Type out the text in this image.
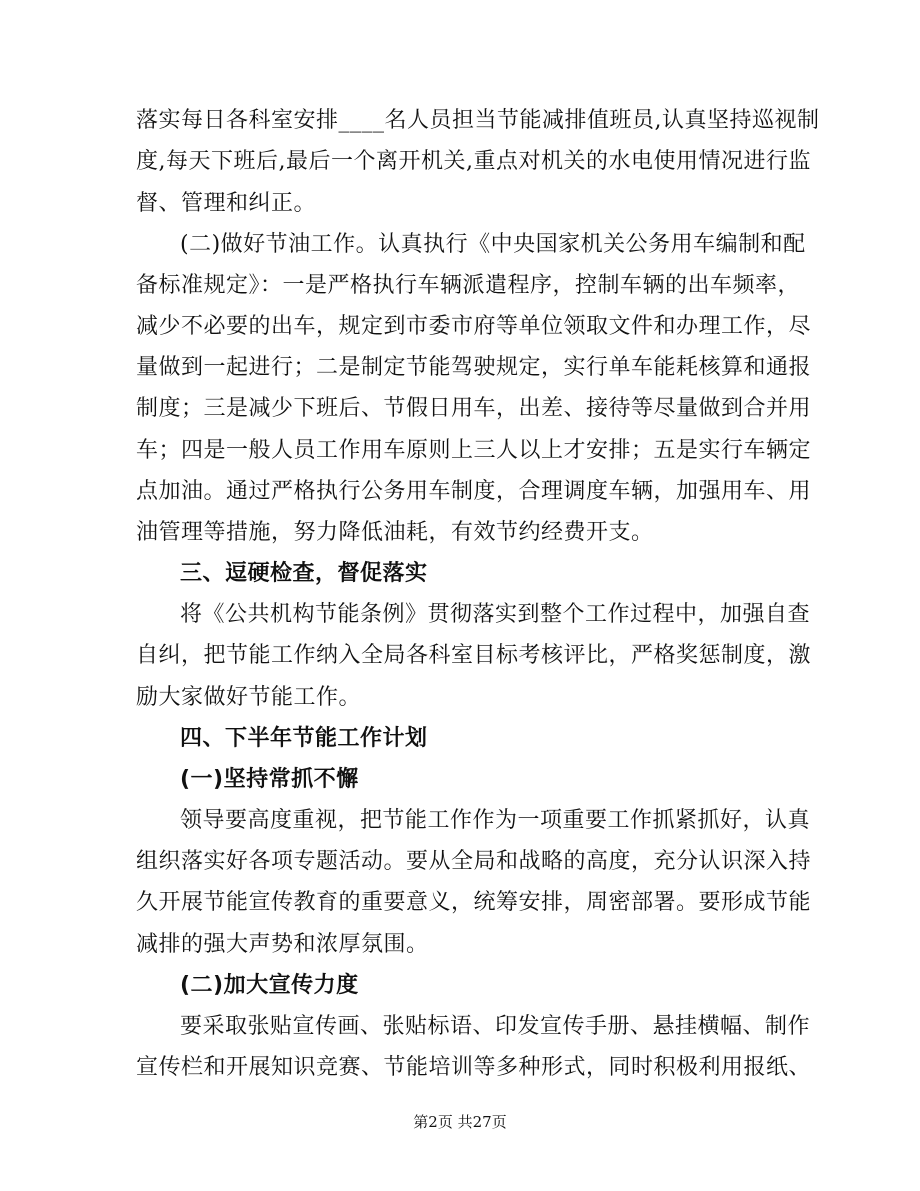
落实每日各科室安排____名人员担当节能减排值班员,认真坚持巡视制
度,每天下班后,最后一个离开机关,重点对机关的水电使用情况进行监
督、管理和纠正。
(二)做好节油工作。认真执行《中央国家机关公务用车编制和配
备标准规定》：一是严格执行车辆派遣程序，控制车辆的出车频率，
减少不必要的出车，规定到市委市府等单位领取文件和办理工作，尽
量做到一起进行；二是制定节能驾驶规定，实行单车能耗核算和通报
制度；三是减少下班后、节假日用车，出差、接待等尽量做到合并用
车；四是一般人员工作用车原则上三人以上才安排；五是实行车辆定
点加油。通过严格执行公务用车制度，合理调度车辆，加强用车、用
油管理等措施，努力降低油耗，有效节约经费开支。
三、逗硬检查，督促落实
将《公共机构节能条例》贯彻落实到整个工作过程中，加强自查
自纠，把节能工作纳入全局各科室目标考核评比，严格奖惩制度，激
励大家做好节能工作。
四、下半年节能工作计划
(一)坚持常抓不懈
领导要高度重视，把节能工作作为一项重要工作抓紧抓好，认真
组织落实好各项专题活动。要从全局和战略的高度，充分认识深入持
久开展节能宣传教育的重要意义，统筹安排，周密部署。要形成节能
减排的强大声势和浓厚氛围。
(二)加大宣传力度
要采取张贴宣传画、张贴标语、印发宣传手册、悬挂横幅、制作
宣传栏和开展知识竞赛、节能培训等多种形式，同时积极利用报纸、
第2页 共27页
